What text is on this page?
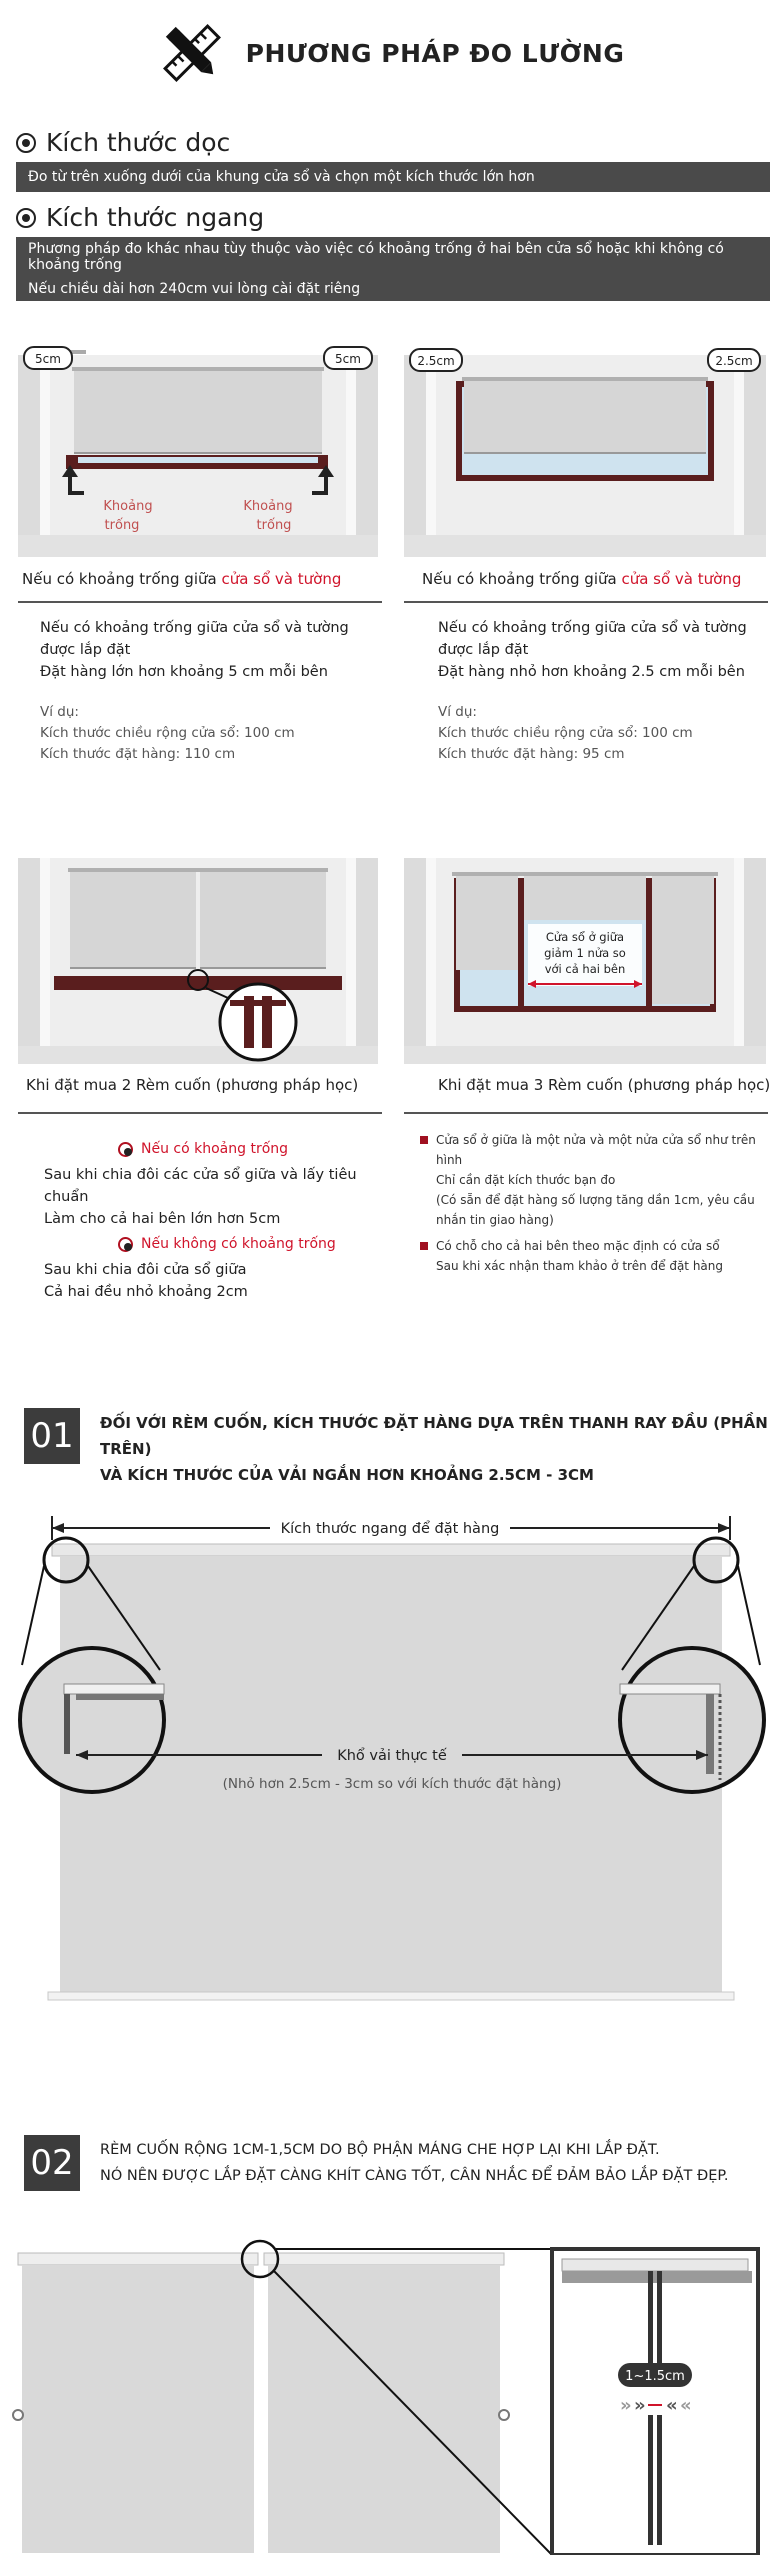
PHƯƠNG PHÁP ĐO LƯỜNG
Kích thước dọc
Đo từ trên xuống dưới của khung cửa sổ và chọn một kích thước lớn hơn
Kích thước ngang
Phương pháp đo khác nhau tùy thuộc vào việc có khoảng trống ở hai bên cửa sổ hoặc khi không có khoảng trống
Nếu chiều dài hơn 240cm vui lòng cài đặt riêng
5cm	5cm
Khoảng
trống
Khoảng
trống
2.5cm	2.5cm
Nếu có khoảng trống giữa cửa sổ và tường	Nếu có khoảng trống giữa cửa sổ và tường
Nếu có khoảng trống giữa cửa sổ và tường
được lắp đặt
Đặt hàng lớn hơn khoảng 5 cm mỗi bên
Ví dụ:
Kích thước chiều rộng cửa sổ: 100 cm
Kích thước đặt hàng: 110 cm
Nếu có khoảng trống giữa cửa sổ và tường
được lắp đặt
Đặt hàng nhỏ hơn khoảng 2.5 cm mỗi bên
Ví dụ:
Kích thước chiều rộng cửa sổ: 100 cm
Kích thước đặt hàng: 95 cm
Cửa sổ ở giữa
giảm 1 nửa so
với cả hai bên
Khi đặt mua 2 Rèm cuốn (phương pháp học)	Khi đặt mua 3 Rèm cuốn (phương pháp học)
Nếu có khoảng trống
Sau khi chia đôi các cửa sổ giữa và lấy tiêu chuẩn
Làm cho cả hai bên lớn hơn 5cm
Nếu không có khoảng trống
Sau khi chia đôi cửa sổ giữa
Cả hai đều nhỏ khoảng 2cm
Cửa sổ ở giữa là một nửa và một nửa cửa sổ như trên hình
Chỉ cần đặt kích thước bạn đo
(Có sẵn để đặt hàng số lượng tăng dần 1cm, yêu cầu
nhắn tin giao hàng)
Có chỗ cho cả hai bên theo mặc định có cửa sổ
Sau khi xác nhận tham khảo ở trên để đặt hàng
01	ĐỐI VỚI RÈM CUỐN, KÍCH THƯỚC ĐẶT HÀNG DỰA TRÊN THANH RAY ĐẦU (PHẦN TRÊN)
VÀ KÍCH THƯỚC CỦA VẢI NGẮN HƠN KHOẢNG 2.5CM - 3CM
Kích thước ngang để đặt hàng
Khổ vải thực tế
(Nhỏ hơn 2.5cm - 3cm so với kích thước đặt hàng)
02	RÈM CUỐN RỘNG 1CM-1,5CM DO BỘ PHẬN MÁNG CHE HỢP LẠI KHI LẮP ĐẶT.
NÓ NÊN ĐƯỢC LẮP ĐẶT CÀNG KHÍT CÀNG TỐT, CÂN NHẮC ĐỂ ĐẢM BẢO LẮP ĐẶT ĐẸP.
1~1.5cm
» » « «
